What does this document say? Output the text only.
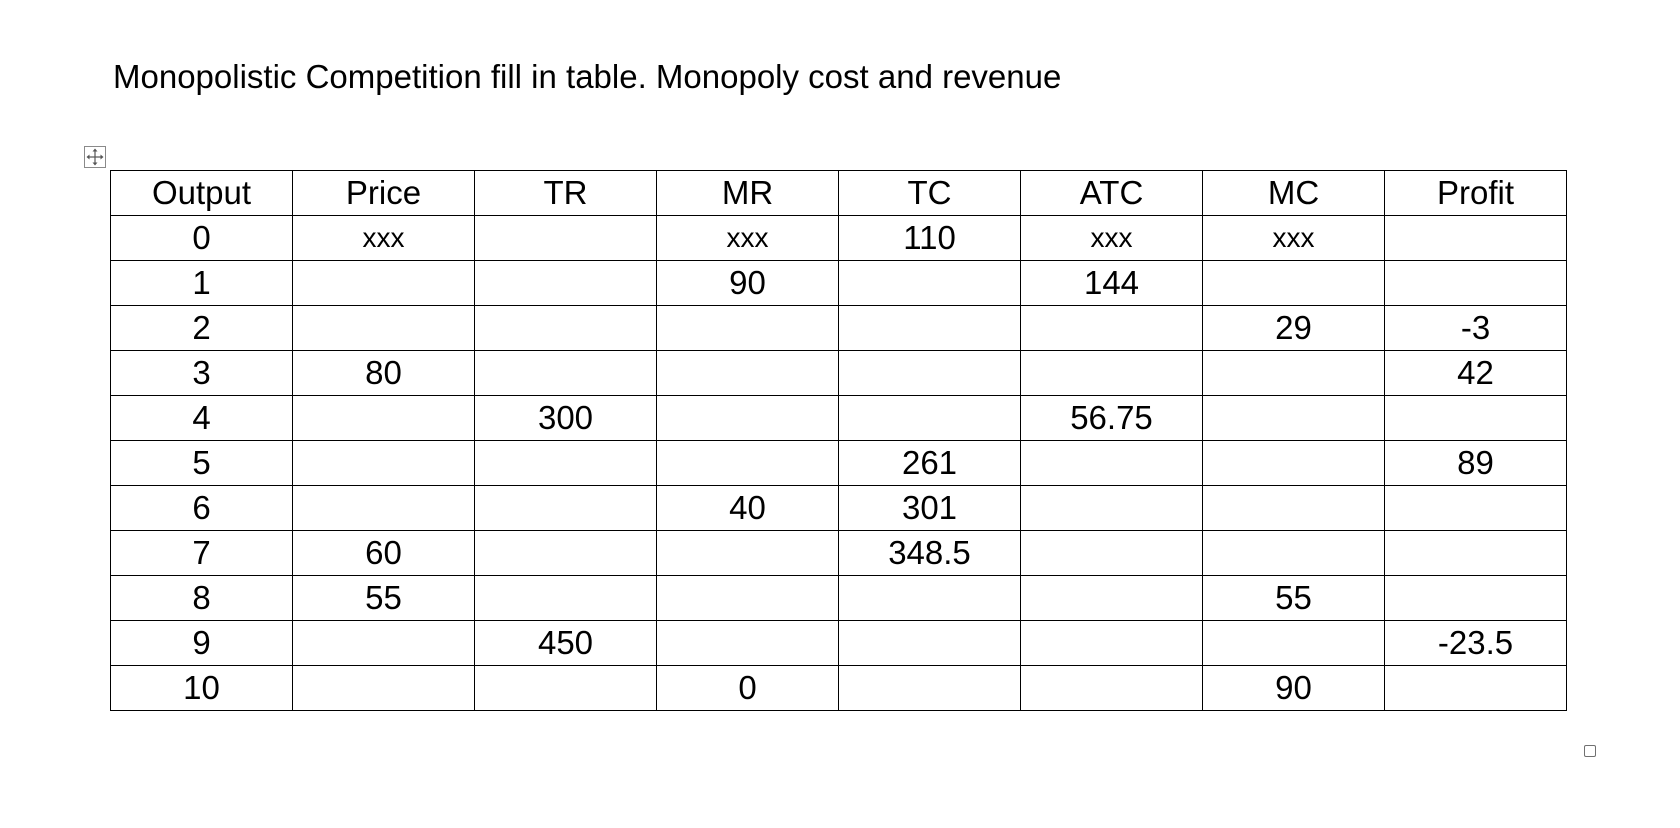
Monopolistic Competition fill in table. Monopoly cost and revenue
Output	Price	TR	MR	TC	ATC	MC	Profit
0	xxx		xxx	110	xxx	xxx	
1			90		144		
2						29	-3
3	80						42
4		300			56.75		
5				261			89
6			40	301			
7	60			348.5			
8	55					55	
9		450					-23.5
10			0			90	
